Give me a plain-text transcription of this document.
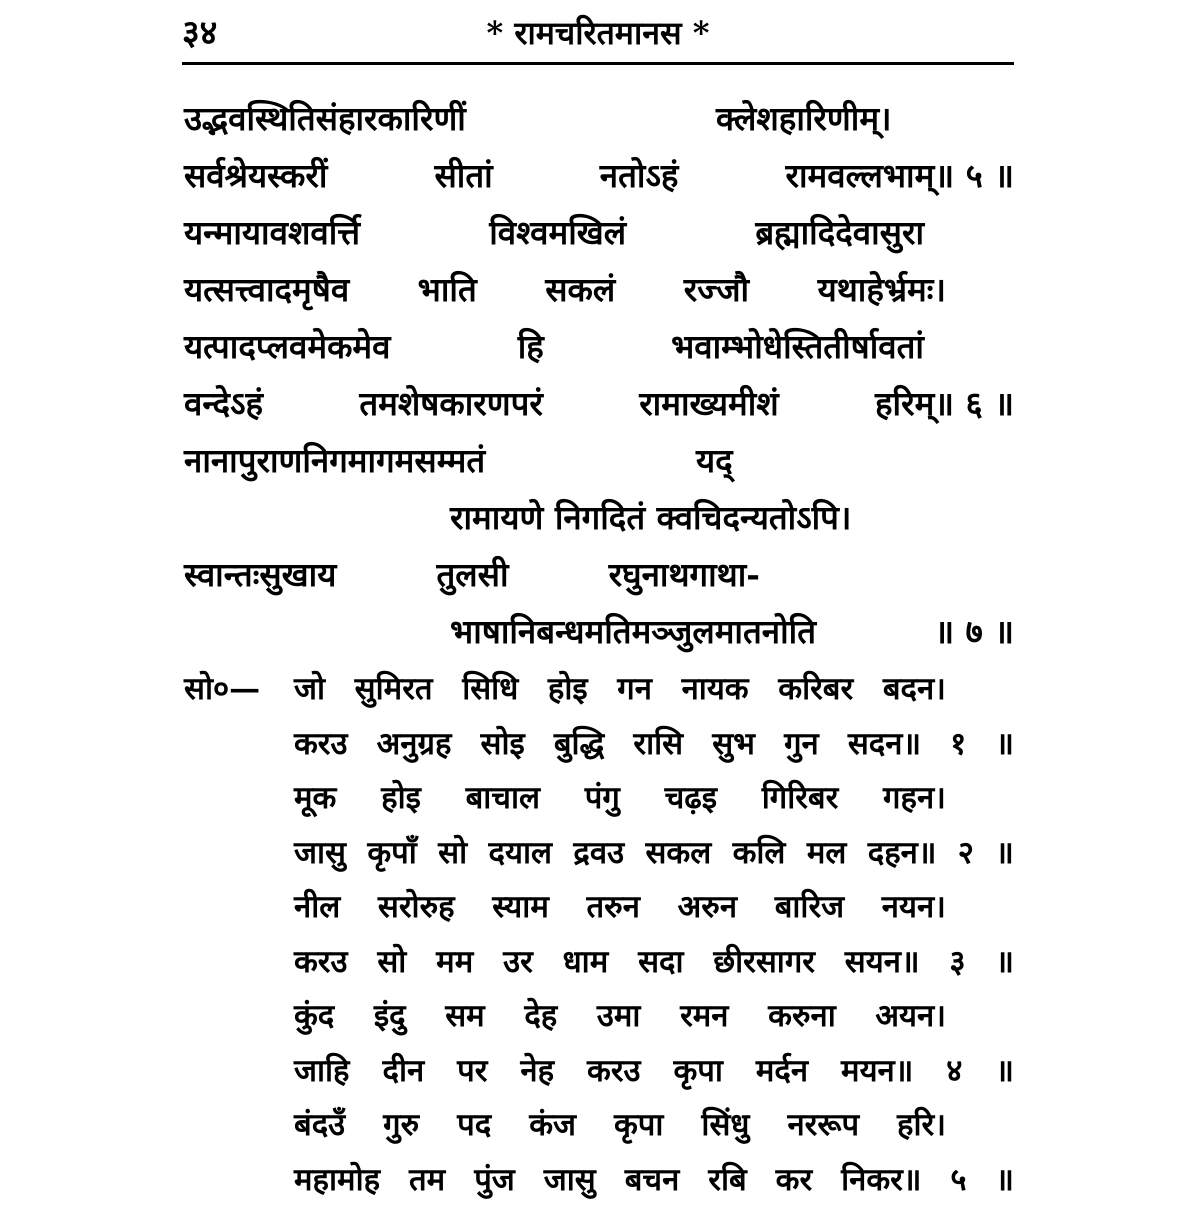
३४	* रामचरितमानस *
उद्भवस्थितिसंहारकारिणीं	क्लेशहारिणीम्।
सर्वश्रेयस्करीं	सीतां	नतोऽहं	रामवल्लभाम्॥ ५ ॥
यन्मायावशवर्त्ति	विश्वमखिलं	ब्रह्मादिदेवासुरा
यत्सत्त्वादमृषैव भाति सकलं रज्जौ यथाहेर्भ्रमः।
यत्पादप्लवमेकमेव	हि	भवाम्भोधेस्तितीर्षावतां
वन्देऽहं	तमशेषकारणपरं	रामाख्यमीशं	हरिम्॥ ६ ॥
नानापुराणनिगमागमसम्मतं	यद्
रामायणे निगदितं क्वचिदन्यतोऽपि।
स्वान्तःसुखाय	तुलसी	रघुनाथगाथा-
भाषानिबन्धमतिमञ्जुलमातनोति	॥ ७ ॥
सो०— जो सुमिरत सिधि होइ गन नायक करिबर बदन।
करउ अनुग्रह सोइ बुद्धि रासि सुभ गुन सदन॥ १ ॥
मूक होइ बाचाल पंगु चढ़इ गिरिबर गहन।
जासु कृपाँ सो दयाल द्रवउ सकल कलि मल दहन॥ २ ॥
नील सरोरुह स्याम तरुन अरुन बारिज नयन।
करउ सो मम उर धाम सदा छीरसागर सयन॥ ३ ॥
कुंद इंदु सम देह उमा रमन करुना अयन।
जाहि दीन पर नेह करउ कृपा मर्दन मयन॥ ४ ॥
बंदउँ गुरु पद कंज कृपा सिंधु नररूप हरि।
महामोह तम पुंज जासु बचन रबि कर निकर॥ ५ ॥
